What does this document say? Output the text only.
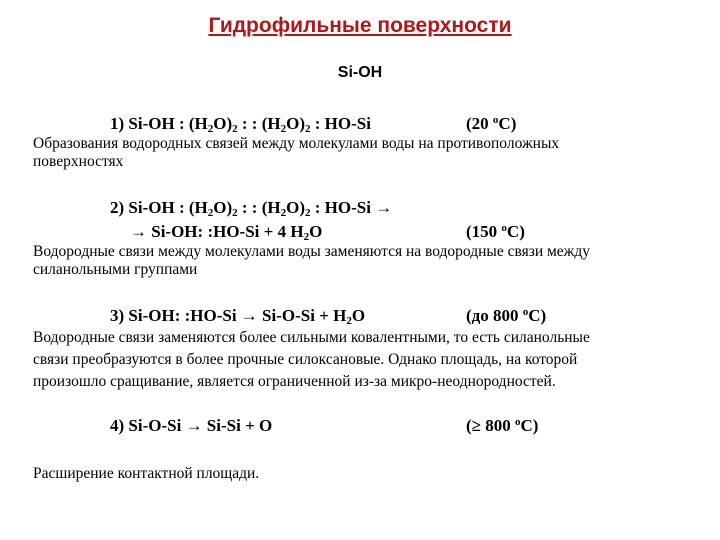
Гидрофильные поверхности
Si-OH
1) Si-OH : $(H_2O)_2$ : : $(H_2O)_2$ : HO-Si	(20 $^o$C)
Образования водородных связей между молекулами воды на противоположных
поверхностях
2) Si-OH : $(H_2O)_2$ : : $(H_2O)_2$ : HO-Si →
→ Si-OH: :HO-Si + 4 $H_2O$	(150 $^o$C)
Водородные связи между молекулами воды заменяются на водородные связи между
силанольными группами
3) Si-OH: :HO-Si → $Si-O-Si + H_2O$	(до 800 $^o$C)
Водородные связи заменяются более сильными ковалентными, то есть силанольные
связи преобразуются в более прочные силоксановые. Однако площадь, на которой
произошло сращивание, является ограниченной из-за микро-неоднородностей.
4) Si-O-Si → Si-Si + O	(≥ 800 $^o$C)
Расширение контактной площади.
